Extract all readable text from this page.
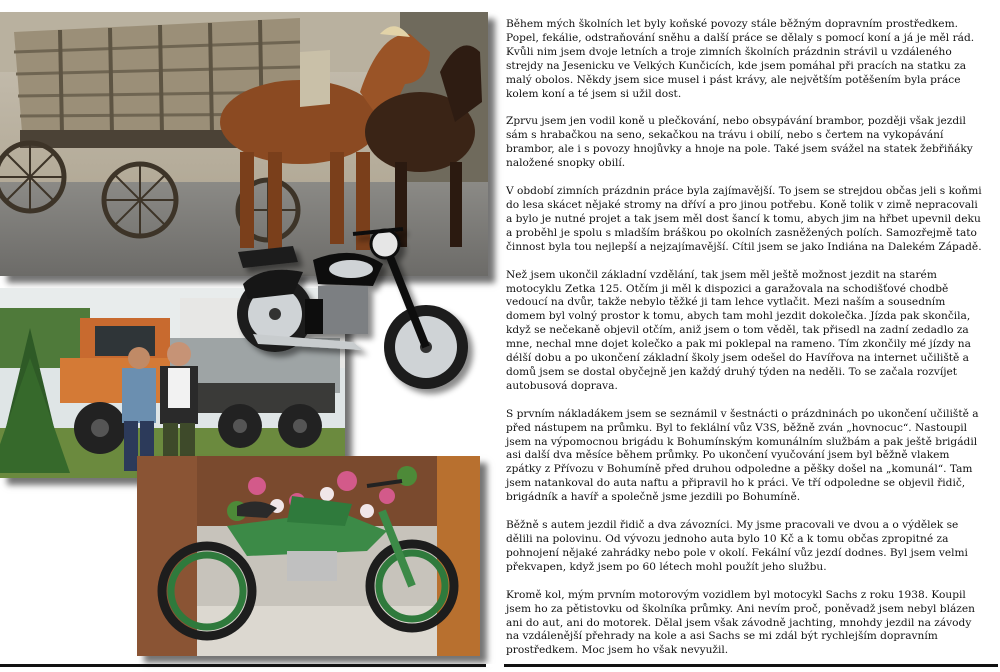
Během mých školních let byly koňské povozy stále běžným dopravním prostředkem. Popel, fekálie, odstraňování sněhu a další práce se dělaly s pomocí koní a já je měl rád. Kvůli nim jsem dvoje letních a troje zimních školních prázdnin strávil u vzdáleného strejdy na Jesenicku ve Velkých Kunčicích, kde jsem pomáhal při pracích na statku za malý obolos. Někdy jsem sice musel i pást krávy, ale největším potěšením byla práce kolem koní a té jsem si užil dost.

Zprvu jsem jen vodil koně u plečkování, nebo obsypávání brambor, později však jezdil sám s hrabačkou na seno, sekačkou na trávu i obilí, nebo s čertem na vykopávání brambor, ale i s povozy hnojůvky a hnoje na pole. Také jsem svážel na statek žebřiňáky naložené snopky obilí.

V období zimních prázdnin práce byla zajímavější. To jsem se strejdou občas jeli s koňmi do lesa skácet nějaké stromy na dříví a pro jinou potřebu. Koně tolik v zimě nepracovali a bylo je nutné projet a tak jsem měl dost šancí k tomu, abych jim na hřbet upevnil deku a proběhl je spolu s mladším bráškou po okolních zasněžených polích. Samozřejmě tato činnost byla tou nejlepší a nejzajímavější. Cítil jsem se jako Indiána na Dalekém Západě.

Než jsem ukončil základní vzdělání, tak jsem měl ještě možnost jezdit na starém motocyklu Zetka 125. Otčím ji měl k dispozici a garažovala na schodišťové chodbě vedoucí na dvůr, takže nebylo těžké ji tam lehce vytlačit. Mezi naším a sousedním domem byl volný prostor k tomu, abych tam mohl jezdit dokolečka. Jízda pak skončila, když se nečekaně objevil otčím, aniž jsem o tom věděl, tak přisedl na zadní zedadlo za mne, nechal mne dojet kolečko a pak mi poklepal na rameno. Tím zkončily mé jízdy na délší dobu a po ukončení základní školy jsem odešel do Havířova na internet učiliště a domů jsem se dostal obyčejně jen každý druhý týden na neděli. To se začala rozvíjet autobusová doprava.

S prvním nákladákem jsem se seznámil v šestnácti o prázdninách po ukončení učiliště a před nástupem na průmku. Byl to feklální vůz V3S, běžně zván „hovnocuc“. Nastoupil jsem na výpomocnou brigádu k Bohumínským komunálním službám a pak ještě brigádil asi další dva měsíce během průmky. Po ukončení vyučování jsem byl běžně vlakem zpátky z Přívozu v Bohumíně před druhou odpoledne a pěšky došel na „komunál“. Tam jsem natankoval do auta naftu a připravil ho k práci. Ve tří odpoledne se objevil řidič, brigádník a havíř a společně jsme jezdili po Bohumíně.

Běžně s autem jezdil řidič a dva závozníci. My jsme pracovali ve dvou a o výdělek se dělili na polovinu. Od vývozu jednoho auta bylo 10 Kč a k tomu občas zpropitné za pohnojení nějaké zahrádky nebo pole v okolí. Fekální vůz jezdí dodnes. Byl jsem velmi překvapen, když jsem po 60 létech mohl použít jeho službu.

Kromě kol, mým prvním motorovým vozidlem byl motocykl Sachs z roku 1938. Koupil jsem ho za pětistovku od školníka průmky. Ani nevím proč, poněvadž jsem nebyl blázen ani do aut, ani do motorek. Dělal jsem však závodně jachting, mnohdy jezdil na závody na vzdálenější přehrady na kole a asi Sachs se mi zdál být rychlejším dopravním prostředkem. Moc jsem ho však nevyužil.
